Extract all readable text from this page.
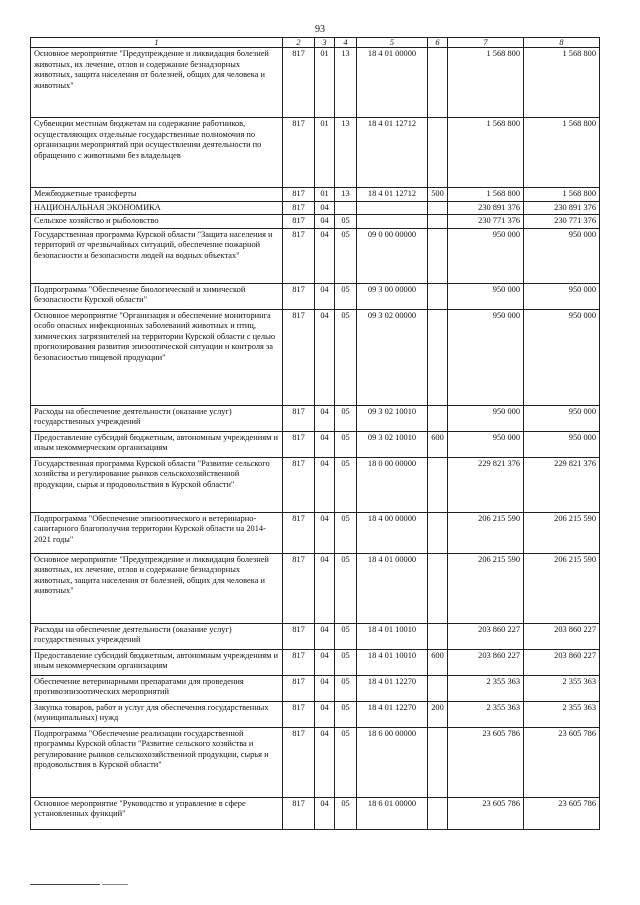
93
1	2	3	4	5	6	7	8
Основное мероприятие "Предупреждение и ликвидация болезней животных, их лечение, отлов и содержание безнадзорных животных, защита населения от болезней, общих для человека и животных"	817	01	13	18 4 01 00000		1 568 800	1 568 800
Субвенции местным бюджетам на содержание работников, осуществляющих отдельные государственные полномочия по организации мероприятий при осуществлении деятельности по обращению с животными без владельцев	817	01	13	18 4 01 12712		1 568 800	1 568 800
Межбюджетные трансферты	817	01	13	18 4 01 12712	500	1 568 800	1 568 800
НАЦИОНАЛЬНАЯ ЭКОНОМИКА	817	04				230 891 376	230 891 376
Сельское хозяйство и рыболовство	817	04	05			230 771 376	230 771 376
Государственная программа Курской области "Защита населения и территорий от чрезвычайных ситуаций, обеспечение пожарной безопасности и безопасности людей на водных объектах"	817	04	05	09 0 00 00000		950 000	950 000
Подпрограмма "Обеспечение биологической и химической безопасности Курской области"	817	04	05	09 3 00 00000		950 000	950 000
Основное мероприятие "Организация и обеспечение мониторинга особо опасных инфекционных заболеваний животных и птиц, химических загрязнителей на территории Курской области с целью прогнозирования развития эпизоотической ситуации и контроля за безопасностью пищевой продукции"	817	04	05	09 3 02 00000		950 000	950 000
Расходы на обеспечение деятельности (оказание услуг) государственных учреждений	817	04	05	09 3 02 10010		950 000	950 000
Предоставление субсидий бюджетным, автономным учреждениям и иным некоммерческим организациям	817	04	05	09 3 02 10010	600	950 000	950 000
Государственная программа Курской области "Развитие сельского хозяйства и регулирование рынков сельскохозяйственной продукции, сырья и продовольствия в Курской области"	817	04	05	18 0 00 00000		229 821 376	229 821 376
Подпрограмма "Обеспечение эпизоотического и ветеринарно-санитарного благополучия территории Курской области на 2014-2021 годы"	817	04	05	18 4 00 00000		206 215 590	206 215 590
Основное мероприятие "Предупреждение и ликвидация болезней животных, их лечение, отлов и содержание безнадзорных животных, защита населения от болезней, общих для человека и животных"	817	04	05	18 4 01 00000		206 215 590	206 215 590
Расходы на обеспечение деятельности (оказание услуг) государственных учреждений	817	04	05	18 4 01 10010		203 860 227	203 860 227
Предоставление субсидий бюджетным, автономным учреждениям и иным некоммерческим организациям	817	04	05	18 4 01 10010	600	203 860 227	203 860 227
Обеспечение ветеринарными препаратами для проведения противоэпизоотических мероприятий	817	04	05	18 4 01 12270		2 355 363	2 355 363
Закупка товаров, работ и услуг для обеспечения государственных (муниципальных) нужд	817	04	05	18 4 01 12270	200	2 355 363	2 355 363
Подпрограмма "Обеспечение реализации государственной программы Курской области "Развитие сельского хозяйства и регулирование рынков сельскохозяйственной продукции, сырья и продовольствия в Курской области"	817	04	05	18 6 00 00000		23 605 786	23 605 786
Основное мероприятие "Руководство и управление в сфере установленных функций"	817	04	05	18 6 01 00000		23 605 786	23 605 786
